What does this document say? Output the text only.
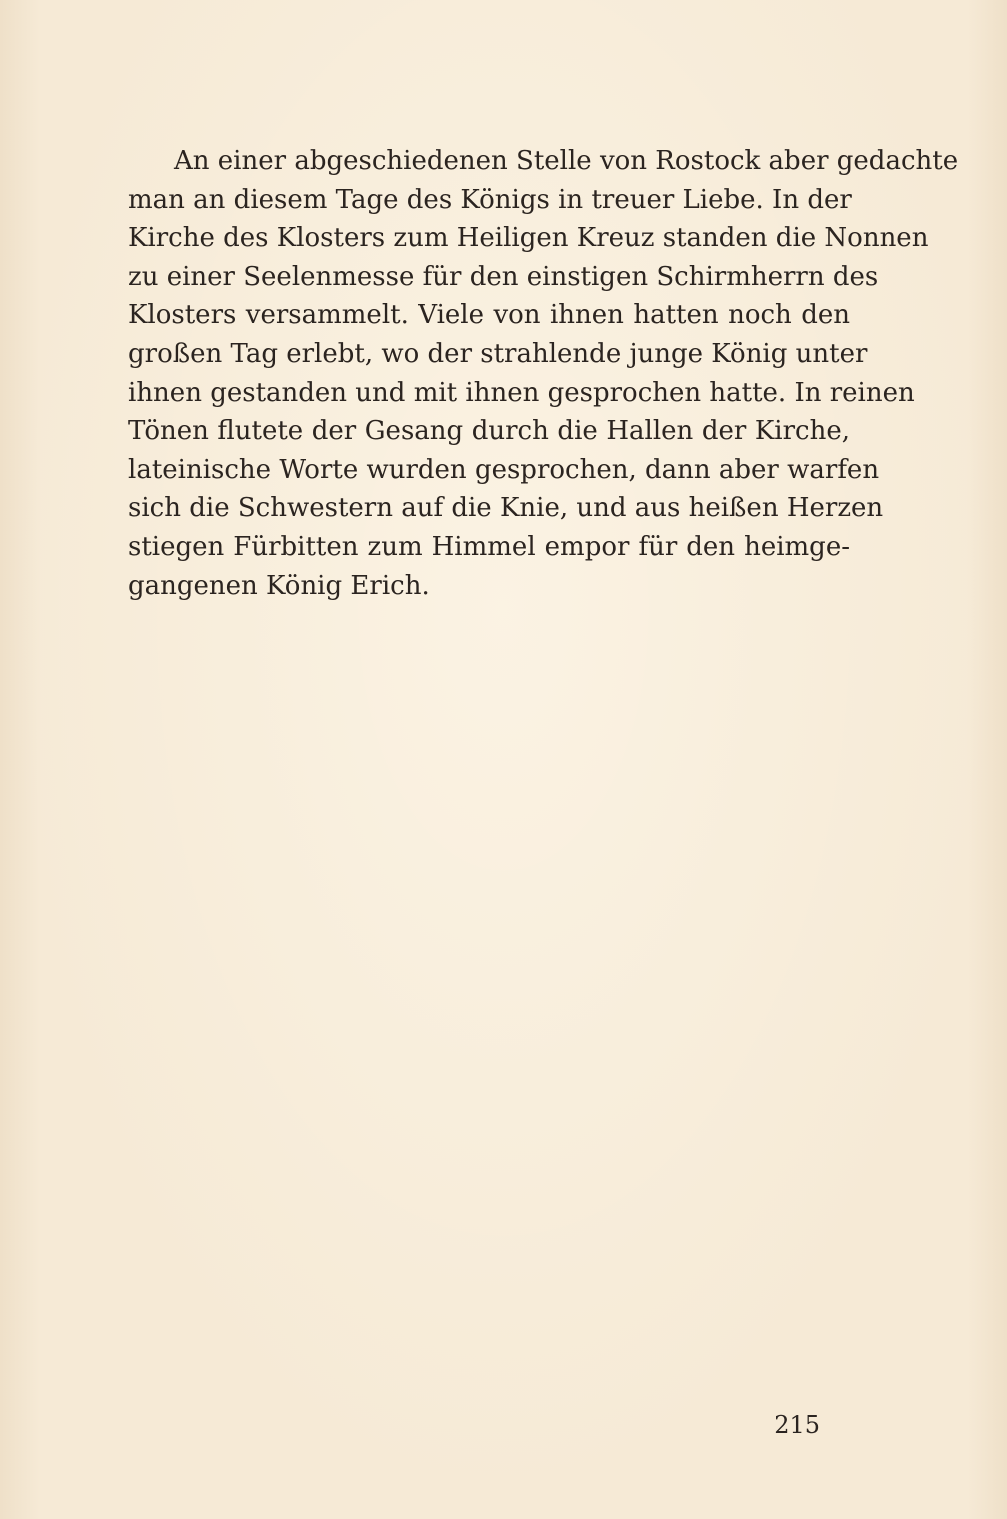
An einer abgeschiedenen Stelle von Rostock aber gedachte
man an diesem Tage des Königs in treuer Liebe. In der
Kirche des Klosters zum Heiligen Kreuz standen die Nonnen
zu einer Seelenmesse für den einstigen Schirmherrn des
Klosters versammelt. Viele von ihnen hatten noch den
großen Tag erlebt, wo der strahlende junge König unter
ihnen gestanden und mit ihnen gesprochen hatte. In reinen
Tönen flutete der Gesang durch die Hallen der Kirche,
lateinische Worte wurden gesprochen, dann aber warfen
sich die Schwestern auf die Knie, und aus heißen Herzen
stiegen Fürbitten zum Himmel empor für den heimge-
gangenen König Erich.

215
